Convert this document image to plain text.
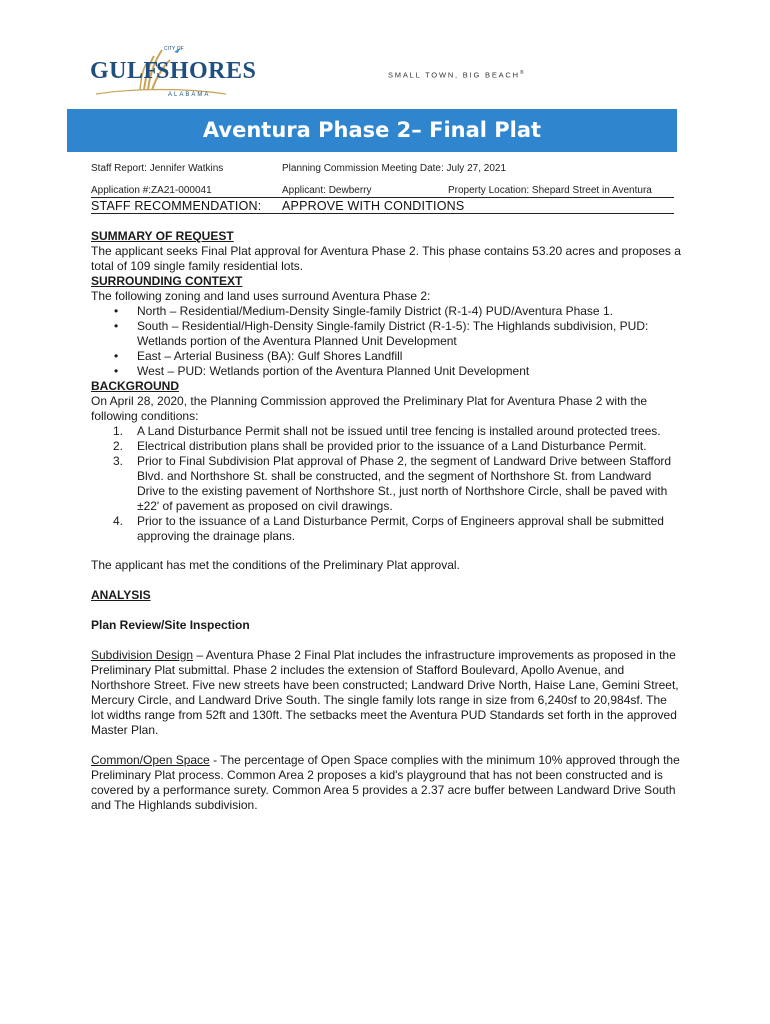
CITY OF
GULF
SHORES
ALABAMA
SMALL TOWN, BIG BEACH®
Aventura Phase 2– Final Plat
Staff Report: Jennifer Watkins	Planning Commission Meeting Date: July 27, 2021
Application #:ZA21-000041	Applicant: Dewberry	Property Location: Shepard Street in Aventura
STAFF RECOMMENDATION: APPROVE WITH CONDITIONS

SUMMARY OF REQUEST

The applicant seeks Final Plat approval for Aventura Phase 2. This phase contains 53.20 acres and proposes a total of 109 single family residential lots.

SURROUNDING CONTEXT

The following zoning and land uses surround Aventura Phase 2:

• North – Residential/Medium-Density Single-family District (R-1-4) PUD/Aventura Phase 1.
• South – Residential/High-Density Single-family District (R-1-5): The Highlands subdivision, PUD: Wetlands portion of the Aventura Planned Unit Development
• East – Arterial Business (BA): Gulf Shores Landfill
• West – PUD: Wetlands portion of the Aventura Planned Unit Development

BACKGROUND

On April 28, 2020, the Planning Commission approved the Preliminary Plat for Aventura Phase 2 with the following conditions:

1. A Land Disturbance Permit shall not be issued until tree fencing is installed around protected trees.
2. Electrical distribution plans shall be provided prior to the issuance of a Land Disturbance Permit.
3. Prior to Final Subdivision Plat approval of Phase 2, the segment of Landward Drive between Stafford Blvd. and Northshore St. shall be constructed, and the segment of Northshore St. from Landward Drive to the existing pavement of Northshore St., just north of Northshore Circle, shall be paved with ±22' of pavement as proposed on civil drawings.
4. Prior to the issuance of a Land Disturbance Permit, Corps of Engineers approval shall be submitted approving the drainage plans.

The applicant has met the conditions of the Preliminary Plat approval.

ANALYSIS

Plan Review/Site Inspection

Subdivision Design – Aventura Phase 2 Final Plat includes the infrastructure improvements as proposed in the Preliminary Plat submittal. Phase 2 includes the extension of Stafford Boulevard, Apollo Avenue, and Northshore Street. Five new streets have been constructed; Landward Drive North, Haise Lane, Gemini Street, Mercury Circle, and Landward Drive South. The single family lots range in size from 6,240sf to 20,984sf. The lot widths range from 52ft and 130ft. The setbacks meet the Aventura PUD Standards set forth in the approved Master Plan.

Common/Open Space - The percentage of Open Space complies with the minimum 10% approved through the Preliminary Plat process. Common Area 2 proposes a kid's playground that has not been constructed and is covered by a performance surety. Common Area 5 provides a 2.37 acre buffer between Landward Drive South and The Highlands subdivision.
